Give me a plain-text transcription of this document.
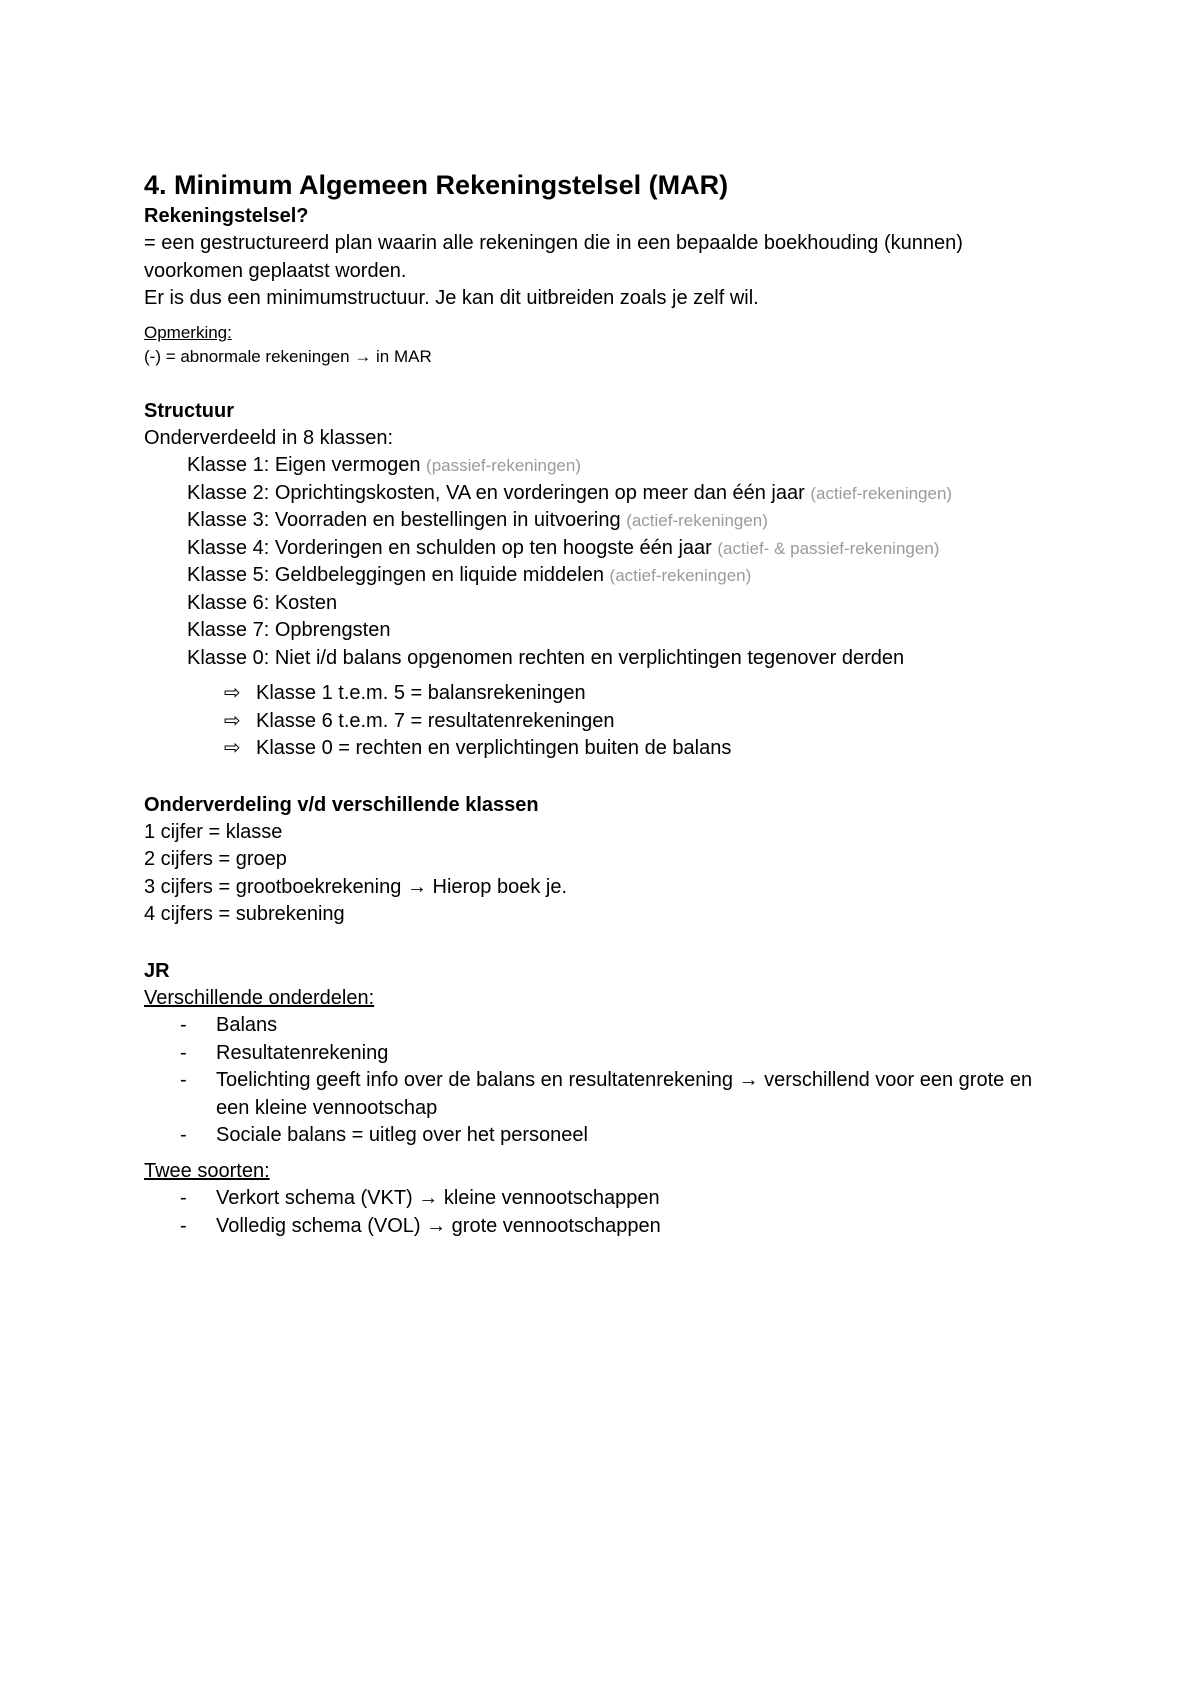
4. Minimum Algemeen Rekeningstelsel (MAR)
Rekeningstelsel?
= een gestructureerd plan waarin alle rekeningen die in een bepaalde boekhouding (kunnen) voorkomen geplaatst worden.
Er is dus een minimumstructuur. Je kan dit uitbreiden zoals je zelf wil.
Opmerking:
(-) = abnormale rekeningen → in MAR
Structuur
Onderverdeeld in 8 klassen:
Klasse 1: Eigen vermogen (passief-rekeningen)
Klasse 2: Oprichtingskosten, VA en vorderingen op meer dan één jaar (actief-rekeningen)
Klasse 3: Voorraden en bestellingen in uitvoering (actief-rekeningen)
Klasse 4: Vorderingen en schulden op ten hoogste één jaar (actief- & passief-rekeningen)
Klasse 5: Geldbeleggingen en liquide middelen (actief-rekeningen)
Klasse 6: Kosten
Klasse 7: Opbrengsten
Klasse 0: Niet i/d balans opgenomen rechten en verplichtingen tegenover derden
⇨ Klasse 1 t.e.m. 5 = balansrekeningen
⇨ Klasse 6 t.e.m. 7 = resultatenrekeningen
⇨ Klasse 0 = rechten en verplichtingen buiten de balans
Onderverdeling v/d verschillende klassen
1 cijfer = klasse
2 cijfers = groep
3 cijfers = grootboekrekening → Hierop boek je.
4 cijfers = subrekening
JR
Verschillende onderdelen:
-	Balans
-	Resultatenrekening
-	Toelichting geeft info over de balans en resultatenrekening → verschillend voor een grote en een kleine vennootschap
-	Sociale balans = uitleg over het personeel
Twee soorten:
-	Verkort schema (VKT) → kleine vennootschappen
-	Volledig schema (VOL) → grote vennootschappen
